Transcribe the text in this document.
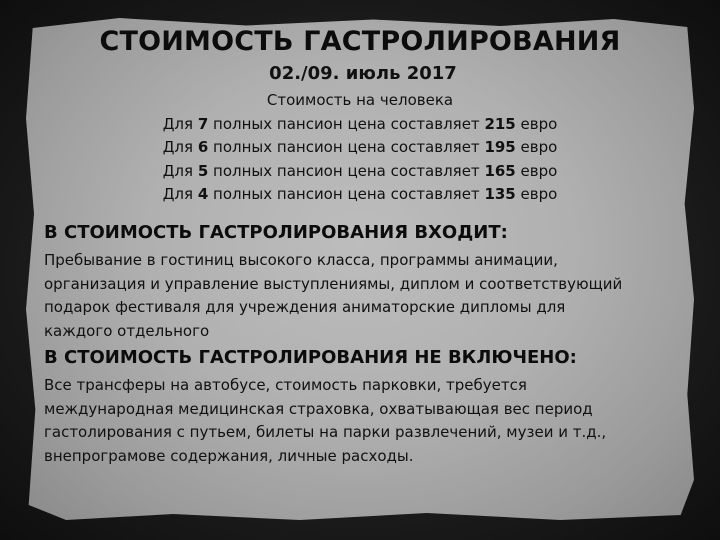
СТОИМОСТЬ ГАСТРОЛИРОВАНИЯ
02./09. июль 2017
Стоимость на человека
Для 7 полных пансион цена составляет 215 евро
Для 6 полных пансион цена составляет 195 евро
Для 5 полных пансион цена составляет 165 евро
Для 4 полных пансион цена составляет 135 евро
В СТОИМОСТЬ ГАСТРОЛИРОВАНИЯ ВХОДИТ:
Пребывание в гостиниц высокого класса, программы анимации,
организация и управление выступлениямы, диплом и соответствующий
подарок фестиваля для учреждения аниматорские дипломы для
каждого отдельного
В СТОИМОСТЬ ГАСТРОЛИРОВАНИЯ НЕ ВКЛЮЧЕНО:
Все трансферы на автобусе, стоимость парковки, требуется
международная медицинская страховка, охватывающая вес период
гастолирования с путьем, билеты на парки развлечений, музеи и т.д.,
внепрограмове содержания, личные расходы.
